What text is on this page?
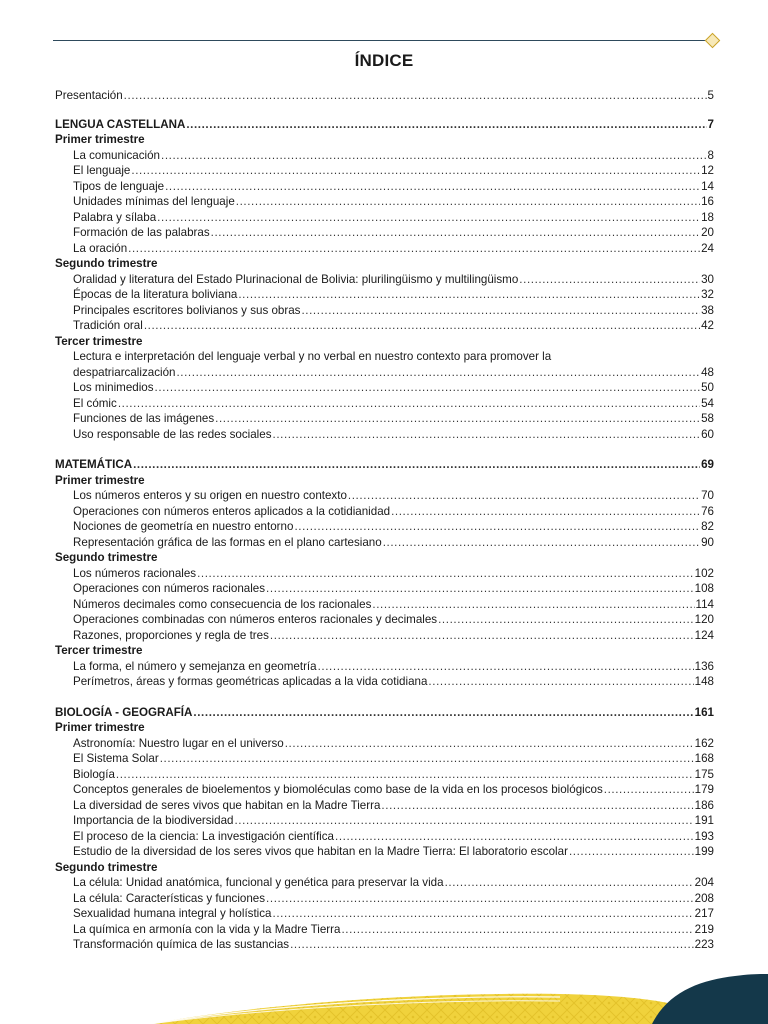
ÍNDICE
Presentación .....	5
LENGUA CASTELLANA .....	7
Primer trimestre
La comunicación .....	8
El lenguaje .....	12
Tipos de lenguaje .....	14
Unidades mínimas del lenguaje .....	16
Palabra y sílaba .....	18
Formación de las palabras .....	20
La oración .....	24
Segundo trimestre
Oralidad y literatura del Estado Plurinacional de Bolivia: plurilingüismo y multilingüismo .....	30
Épocas de la literatura boliviana .....	32
Principales escritores bolivianos y sus obras .....	38
Tradición oral .....	42
Tercer trimestre
Lectura e interpretación del lenguaje verbal y no verbal en nuestro contexto para promover la
despatriarcalización .....	48
Los minimedios .....	50
El cómic .....	54
Funciones de las imágenes .....	58
Uso responsable de las redes sociales .....	60
MATEMÁTICA .....	69
Primer trimestre
Los números enteros y su origen en nuestro contexto .....	70
Operaciones con números enteros aplicados a la cotidianidad .....	76
Nociones de geometría en nuestro entorno .....	82
Representación gráfica de las formas en el plano cartesiano .....	90
Segundo trimestre
Los números racionales .....	102
Operaciones con números racionales .....	108
Números decimales como consecuencia de los racionales .....	114
Operaciones combinadas con números enteros racionales y decimales .....	120
Razones, proporciones y regla de tres .....	124
Tercer trimestre
La forma, el número y semejanza en geometría .....	136
Perímetros, áreas y formas geométricas aplicadas a la vida cotidiana .....	148
BIOLOGÍA - GEOGRAFÍA .....	161
Primer trimestre
Astronomía: Nuestro lugar en el universo .....	162
El Sistema Solar .....	168
Biología .....	175
Conceptos generales de bioelementos y biomoléculas como base de la vida en los procesos biológicos .....	179
La diversidad de seres vivos que habitan en la Madre Tierra .....	186
Importancia de la biodiversidad .....	191
El proceso de la ciencia: La investigación científica .....	193
Estudio de la diversidad de los seres vivos que habitan en la Madre Tierra: El laboratorio escolar .....	199
Segundo trimestre
La célula: Unidad anatómica, funcional y genética para preservar la vida .....	204
La célula: Características y funciones .....	208
Sexualidad humana integral y holística .....	217
La química en armonía con la vida y la Madre Tierra .....	219
Transformación química de las sustancias .....	223
